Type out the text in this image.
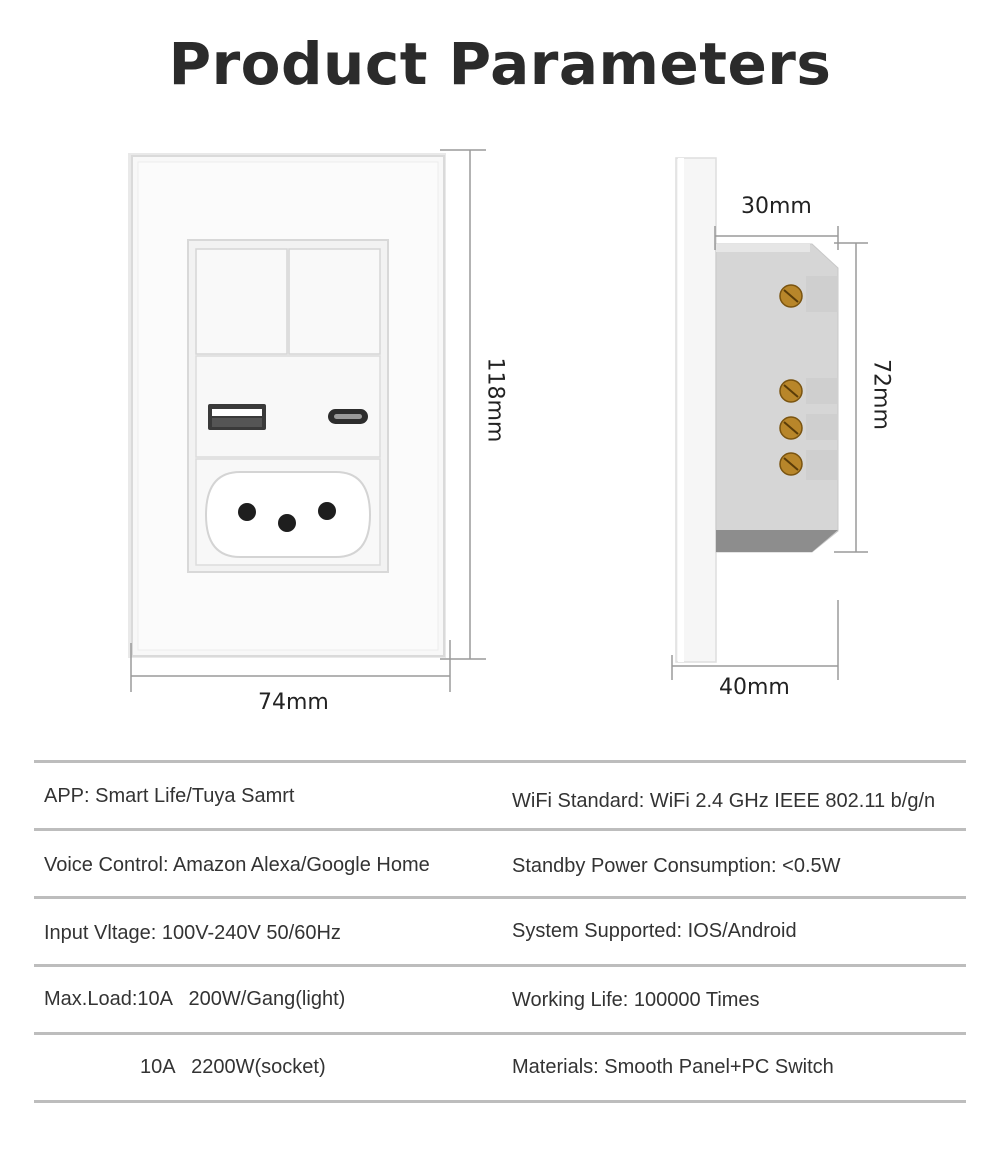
Product Parameters
74mm
118mm
30mm
72mm
40mm
APP: Smart Life/Tuya Samrt	WiFi Standard: WiFi 2.4 GHz IEEE 802.11 b/g/n
Voice Control: Amazon Alexa/Google Home	Standby Power Consumption: <0.5W
Input Vltage: 100V-240V 50/60Hz	System Supported: IOS/Android
Max.Load:10A   200W/Gang(light)	Working Life: 100000 Times
10A   2200W(socket)	Materials: Smooth Panel+PC Switch
